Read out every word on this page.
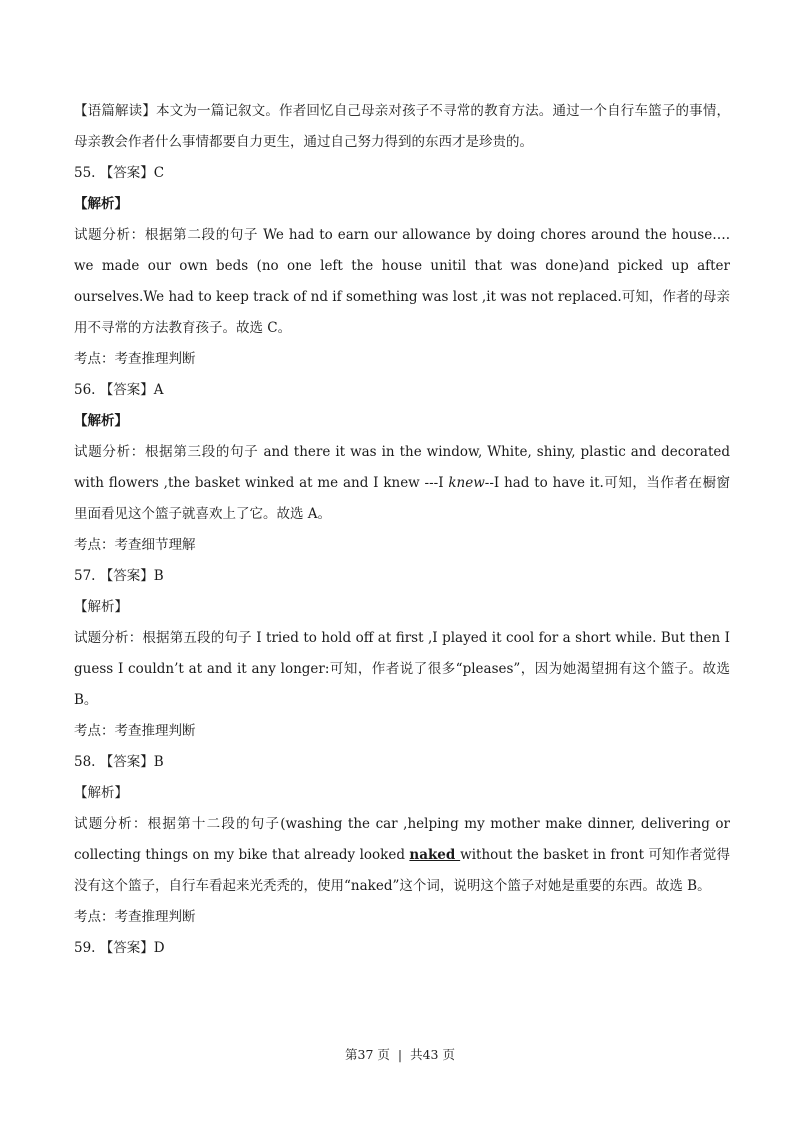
【语篇解读】本文为一篇记叙文。作者回忆自己母亲对孩子不寻常的教育方法。通过一个自行车篮子的事情，母亲教会作者什么事情都要自力更生，通过自己努力得到的东西才是珍贵的。
55. 【答案】C
【解析】
试题分析：根据第二段的句子 We had to earn our allowance by doing chores around the house…. we made our own beds (no one left the house unitil that was done)and picked up after ourselves.We had to keep track of nd if something was lost ,it was not replaced.可知，作者的母亲用不寻常的方法教育孩子。故选 C。
考点：考查推理判断
56. 【答案】A
【解析】
试题分析：根据第三段的句子 and there it was in the window, White, shiny, plastic and decorated with flowers ,the basket winked at me and I knew ---I knew--I had to have it.可知，当作者在橱窗里面看见这个篮子就喜欢上了它。故选 A。
考点：考查细节理解
57. 【答案】B
【解析】
试题分析：根据第五段的句子 I tried to hold off at first ,I played it cool for a short while. But then I guess I couldn’t at and it any longer:可知，作者说了很多“pleases”，因为她渴望拥有这个篮子。故选 B。
考点：考查推理判断
58. 【答案】B
【解析】
试题分析：根据第十二段的句子(washing the car ,helping my mother make dinner, delivering or collecting things on my bike that already looked naked without the basket in front 可知作者觉得没有这个篮子，自行车看起来光秃秃的，使用“naked”这个词，说明这个篮子对她是重要的东西。故选 B。
考点：考查推理判断
59. 【答案】D
第37 页 | 共43 页
